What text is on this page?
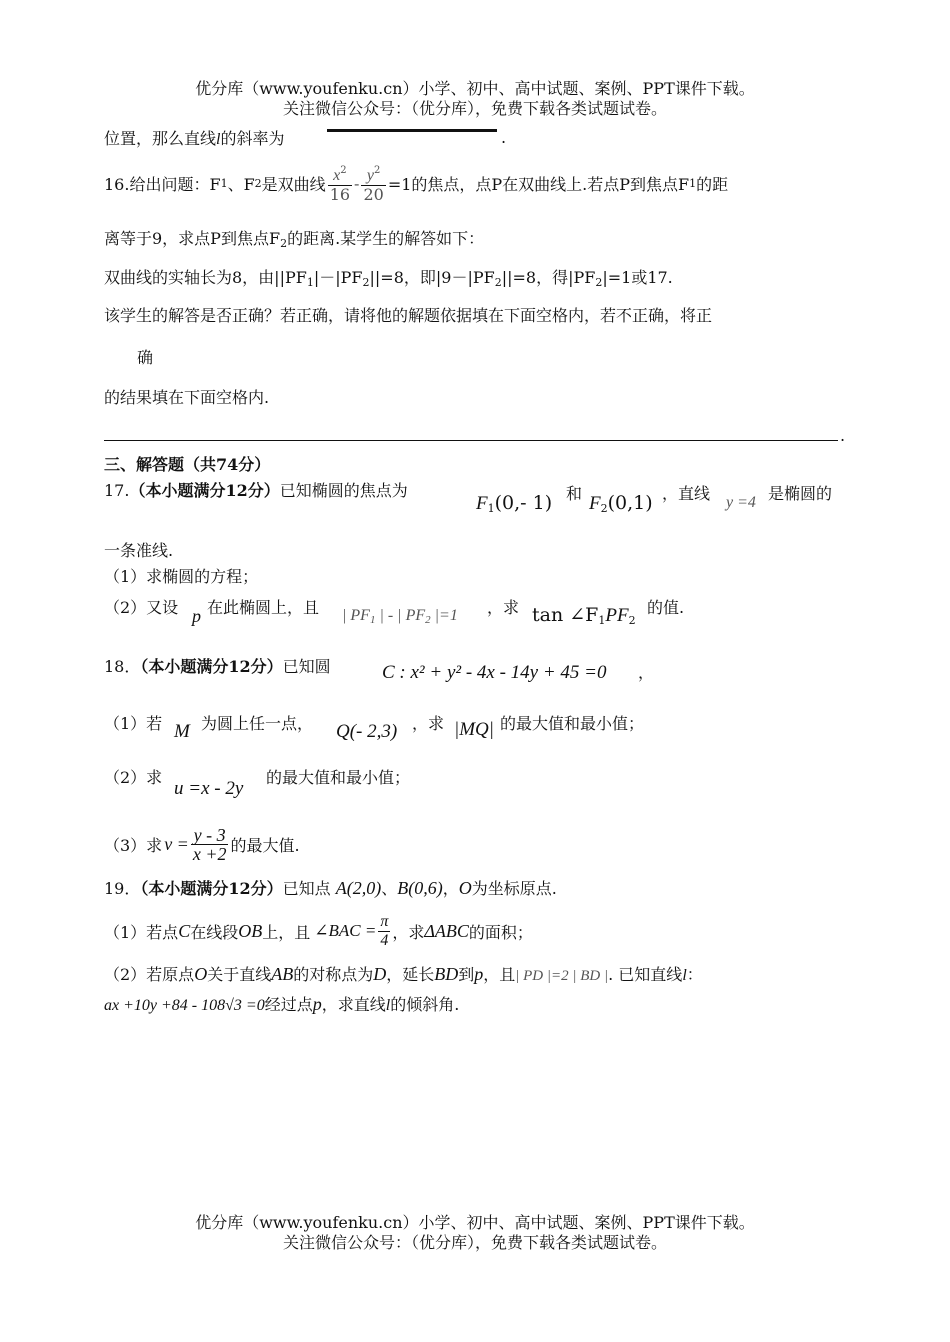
优分库（www.youfenku.cn）小学、初中、高中试题、案例、PPT课件下载。
关注微信公众号：（优分库），免费下载各类试题试卷。
位置，那么直线l的斜率为	.
16.给出问题：F 1 、F 2 是双曲线 $\frac{x^2}{16} - \frac{y^2}{20} =1$的焦点，点P在双曲线上.若点P到焦点F 1 的距
离等于9，求点P到焦点$F_2$的距离.某学生的解答如下：
双曲线的实轴长为8，由$||PF_1|-|PF_2||=8$，即$|9-|PF_2||=8$，得$|PF_2|=1$或17.
该学生的解答是否正确？若正确，请将他的解题依据填在下面空格内，若不正确，将正
确
的结果填在下面空格内.
.
三、解答题（共74分）
17.（本小题满分12分）已知椭圆的焦点为
$F_1(0,-$ 1) 和 $F_2(0,1)$ ，直线 y =4 是椭圆的
一条准线.
（1）求椭圆的方程；
（2）又设 p 在此椭圆上，且 | $PF_1$ | - | $PF_2$ |=1 ，求 $\tan \angle F_1PF_2$
的值.
18．（本小题满分12分）已知圆	C : x² + y² - 4x - 14y + 45 =0 ，
（1）若 M 为圆上任一点， Q(- 2,3) ，求 |MQ| 的最大值和最小值；
（2）求
u =x - 2y
的最大值和最小值；
（3）求 $v = \frac{y - 3}{x +2}$ 的最大值.
19．（本小题满分12分）已知点 A(2,0)、B(0,6)，O为坐标原点.
（1）若点 C 在线段 OB 上，且 ∠BAC = $\frac{\pi}{4}$ ，求 ΔABC 的面积；
（2）若原点O关于直线AB的对称点为D，延长BD到p，且| PD |=2 | BD |. 已知直线l：
ax +10y +84 - 108√3 =0经过点p，求直线l的倾斜角.
优分库（www.youfenku.cn）小学、初中、高中试题、案例、PPT课件下载。
关注微信公众号：（优分库），免费下载各类试题试卷。
